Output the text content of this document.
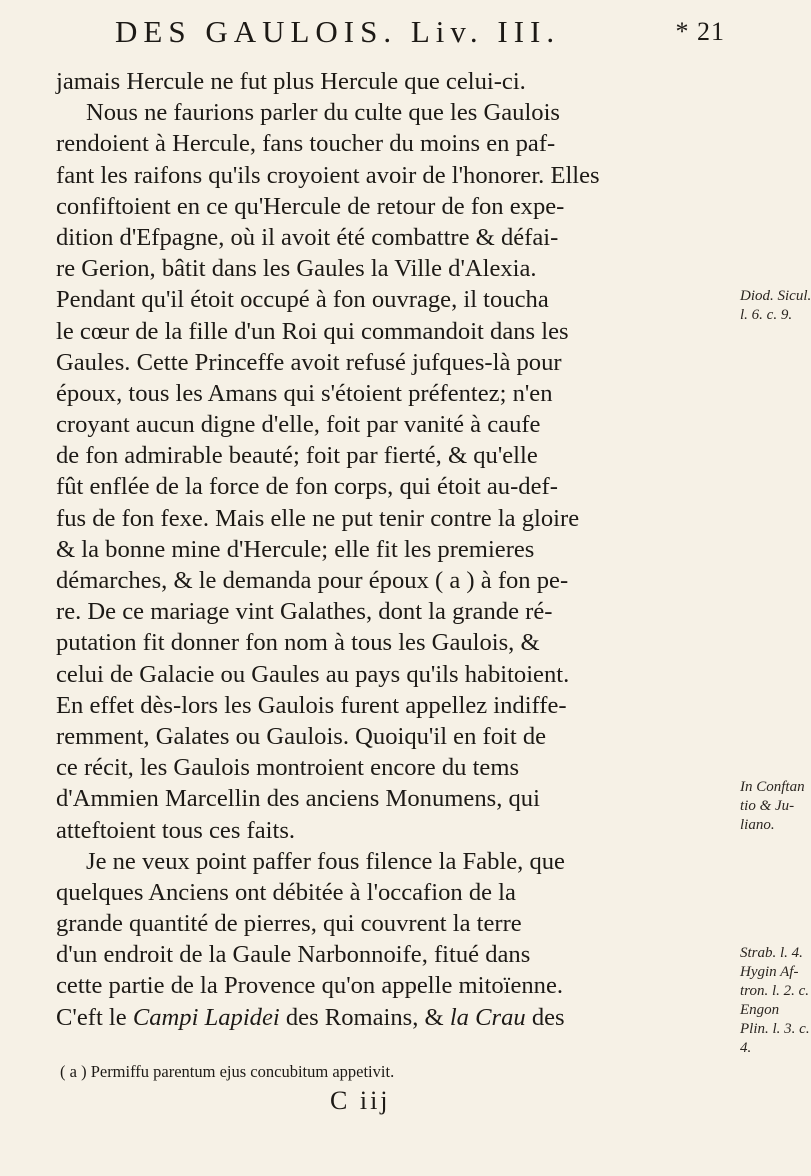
DES GAULOIS. Liv. III.	* 21
jamais Hercule ne fut plus Hercule que celui-ci.
Nous ne faurions parler du culte que les Gaulois
rendoient à Hercule, fans toucher du moins en paf-
fant les raifons qu'ils croyoient avoir de l'honorer. Elles
confiftoient en ce qu'Hercule de retour de fon expe-
dition d'Efpagne, où il avoit été combattre & défai-
re Gerion, bâtit dans les Gaules la Ville d'Alexia.
Pendant qu'il étoit occupé à fon ouvrage, il toucha
le cœur de la fille d'un Roi qui commandoit dans les
Gaules. Cette Princeffe avoit refusé jufques-là pour
époux, tous les Amans qui s'étoient préfentez; n'en
croyant aucun digne d'elle, foit par vanité à caufe
de fon admirable beauté; foit par fierté, & qu'elle
fût enflée de la force de fon corps, qui étoit au-def-
fus de fon fexe. Mais elle ne put tenir contre la gloire
& la bonne mine d'Hercule; elle fit les premieres
démarches, & le demanda pour époux ( a ) à fon pe-
re. De ce mariage vint Galathes, dont la grande ré-
putation fit donner fon nom à tous les Gaulois, &
celui de Galacie ou Gaules au pays qu'ils habitoient.
En effet dès-lors les Gaulois furent appellez indiffe-
remment, Galates ou Gaulois. Quoiqu'il en foit de
ce récit, les Gaulois montroient encore du tems
d'Ammien Marcellin des anciens Monumens, qui
atteftoient tous ces faits.
Je ne veux point paffer fous filence la Fable, que
quelques Anciens ont débitée à l'occafion de la
grande quantité de pierres, qui couvrent la terre
d'un endroit de la Gaule Narbonnoife, fitué dans
cette partie de la Provence qu'on appelle mitoïenne.
C'eft le Campi Lapidei des Romains, & la Crau des
Diod. Sicul.
l. 6. c. 9.
In Conftan
tio & Ju-
liano.
Strab. l. 4.
Hygin Af-
tron. l. 2. c.
Engon
Plin. l. 3. c.
4.
( a ) Permiffu parentum ejus concubitum appetivit.
C iij
